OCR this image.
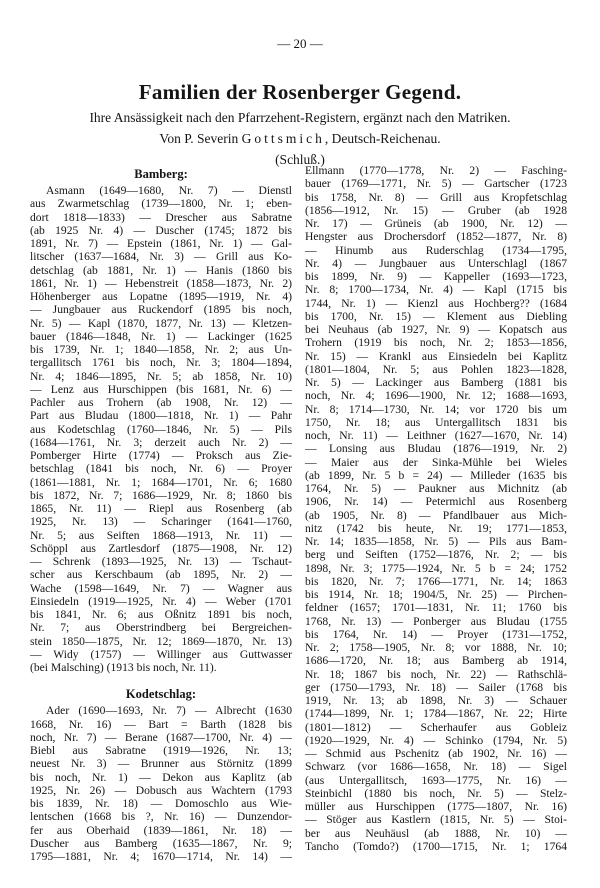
— 20 —
Familien der Rosenberger Gegend.
Ihre Ansässigkeit nach den Pfarrzehent-Registern, ergänzt nach den Matriken.
Von P. Severin Gottsmich, Deutsch-Reichenau.
(Schluß.)
Bamberg:
Asmann (1649—1680, Nr. 7) — Dienstl
aus Zwarmetschlag (1739—1800, Nr. 1; eben-
dort 1818—1833) — Drescher aus Sabratne
(ab 1925 Nr. 4) — Duscher (1745; 1872 bis
1891, Nr. 7) — Epstein (1861, Nr. 1) — Gal-
litscher (1637—1684, Nr. 3) — Grill aus Ko-
detschlag (ab 1881, Nr. 1) — Hanis (1860 bis
1861, Nr. 1) — Hebenstreit (1858—1873, Nr. 2)
Höhenberger aus Lopatne (1895—1919, Nr. 4)
— Jungbauer aus Ruckendorf (1895 bis noch,
Nr. 5) — Kapl (1870, 1877, Nr. 13) — Kletzen-
bauer (1846—1848, Nr. 1) — Lackinger (1625
bis 1739, Nr. 1; 1840—1858, Nr. 2; aus Un-
tergallitsch 1761 bis noch, Nr. 3; 1804—1894,
Nr. 4; 1846—1895, Nr. 5; ab 1858, Nr. 10)
— Lenz aus Hurschippen (bis 1681, Nr. 6) —
Pachler aus Trohern (ab 1908, Nr. 12) —
Part aus Bludau (1800—1818, Nr. 1) — Pahr
aus Kodetschlag (1760—1846, Nr. 5) — Pils
(1684—1761, Nr. 3; derzeit auch Nr. 2) —
Pomberger Hirte (1774) — Proksch aus Zie-
betschlag (1841 bis noch, Nr. 6) — Proyer
(1861—1881, Nr. 1; 1684—1701, Nr. 6; 1680
bis 1872, Nr. 7; 1686—1929, Nr. 8; 1860 bis
1865, Nr. 11) — Riepl aus Rosenberg (ab
1925, Nr. 13) — Scharinger (1641—1760,
Nr. 5; aus Seiften 1868—1913, Nr. 11) —
Schöppl aus Zartlesdorf (1875—1908, Nr. 12)
— Schrenk (1893—1925, Nr. 13) — Tschaut-
scher aus Kerschbaum (ab 1895, Nr. 2) —
Wache (1598—1649, Nr. 7) — Wagner aus
Einsiedeln (1919—1925, Nr. 4) — Weber (1701
bis 1841, Nr. 6; aus Oßnitz 1891 bis noch,
Nr. 7; aus Oberstrindberg bei Bergreichen-
stein 1850—1875, Nr. 12; 1869—1870, Nr. 13)
— Widy (1757) — Willinger aus Guttwasser
(bei Malsching) (1913 bis noch, Nr. 11).
Kodetschlag:
Ader (1690—1693, Nr. 7) — Albrecht (1630
1668, Nr. 16) — Bart = Barth (1828 bis
noch, Nr. 7) — Berane (1687—1700, Nr. 4) —
Biebl aus Sabratne (1919—1926, Nr. 13;
neuest Nr. 3) — Brunner aus Störnitz (1899
bis noch, Nr. 1) — Dekon aus Kaplitz (ab
1925, Nr. 26) — Dobusch aus Wachtern (1793
bis 1839, Nr. 18) — Domoschlo aus Wie-
lentschen (1668 bis ?, Nr. 16) — Dunzendor-
fer aus Oberhaid (1839—1861, Nr. 18) —
Duscher aus Bamberg (1635—1867, Nr. 9;
1795—1881, Nr. 4; 1670—1714, Nr. 14) —
Ellmann (1770—1778, Nr. 2) — Fasching-
bauer (1769—1771, Nr. 5) — Gartscher (1723
bis 1758, Nr. 8) — Grill aus Kropfetschlag
(1856—1912, Nr. 15) — Gruber (ab 1928
Nr. 17) — Grüneis (ab 1900, Nr. 12) —
Hengster aus Drochersdorf (1852—1877, Nr. 8)
— Hinumb aus Ruderschlag (1734—1795,
Nr. 4) — Jungbauer aus Unterschlagl (1867
bis 1899, Nr. 9) — Kappeller (1693—1723,
Nr. 8; 1700—1734, Nr. 4) — Kapl (1715 bis
1744, Nr. 1) — Kienzl aus Hochberg?? (1684
bis 1700, Nr. 15) — Klement aus Diebling
bei Neuhaus (ab 1927, Nr. 9) — Kopatsch aus
Trohern (1919 bis noch, Nr. 2; 1853—1856,
Nr. 15) — Krankl aus Einsiedeln bei Kaplitz
(1801—1804, Nr. 5; aus Pohlen 1823—1828,
Nr. 5) — Lackinger aus Bamberg (1881 bis
noch, Nr. 4; 1696—1900, Nr. 12; 1688—1693,
Nr. 8; 1714—1730, Nr. 14; vor 1720 bis um
1750, Nr. 18; aus Untergallitsch 1831 bis
noch, Nr. 11) — Leithner (1627—1670, Nr. 14)
— Lonsing aus Bludau (1876—1919, Nr. 2)
— Maier aus der Sinka-Mühle bei Wieles
(ab 1899, Nr. 5 b = 24) — Milleder (1635 bis
1764, Nr. 5) — Paukner aus Michnitz (ab
1906, Nr. 14) — Petermichl aus Rosenberg
(ab 1905, Nr. 8) — Pfandlbauer aus Mich-
nitz (1742 bis heute, Nr. 19; 1771—1853,
Nr. 14; 1835—1858, Nr. 5) — Pils aus Bam-
berg und Seiften (1752—1876, Nr. 2; — bis
1898, Nr. 3; 1775—1924, Nr. 5 b = 24; 1752
bis 1820, Nr. 7; 1766—1771, Nr. 14; 1863
bis 1914, Nr. 18; 1904/5, Nr. 25) — Pirchen-
feldner (1657; 1701—1831, Nr. 11; 1760 bis
1768, Nr. 13) — Ponberger aus Bludau (1755
bis 1764, Nr. 14) — Proyer (1731—1752,
Nr. 2; 1758—1905, Nr. 8; vor 1888, Nr. 10;
1686—1720, Nr. 18; aus Bamberg ab 1914,
Nr. 18; 1867 bis noch, Nr. 22) — Rathschlä-
ger (1750—1793, Nr. 18) — Sailer (1768 bis
1919, Nr. 13; ab 1898, Nr. 3) — Schauer
(1744—1899, Nr. 1; 1784—1867, Nr. 22; Hirte
(1801—1812) — Scherhaufer aus Gobleiz
(1920—1929, Nr. 4) — Schinko (1794, Nr. 5)
— Schmid aus Pschenitz (ab 1902, Nr. 16) —
Schwarz (vor 1686—1658, Nr. 18) — Sigel
(aus Untergallitsch, 1693—1775, Nr. 16) —
Steinbichl (1880 bis noch, Nr. 5) — Stelz-
müller aus Hurschippen (1775—1807, Nr. 16)
— Stöger aus Kastlern (1815, Nr. 5) — Stoi-
ber aus Neuhäusl (ab 1888, Nr. 10) —
Tancho (Tomdo?) (1700—1715, Nr. 1; 1764
